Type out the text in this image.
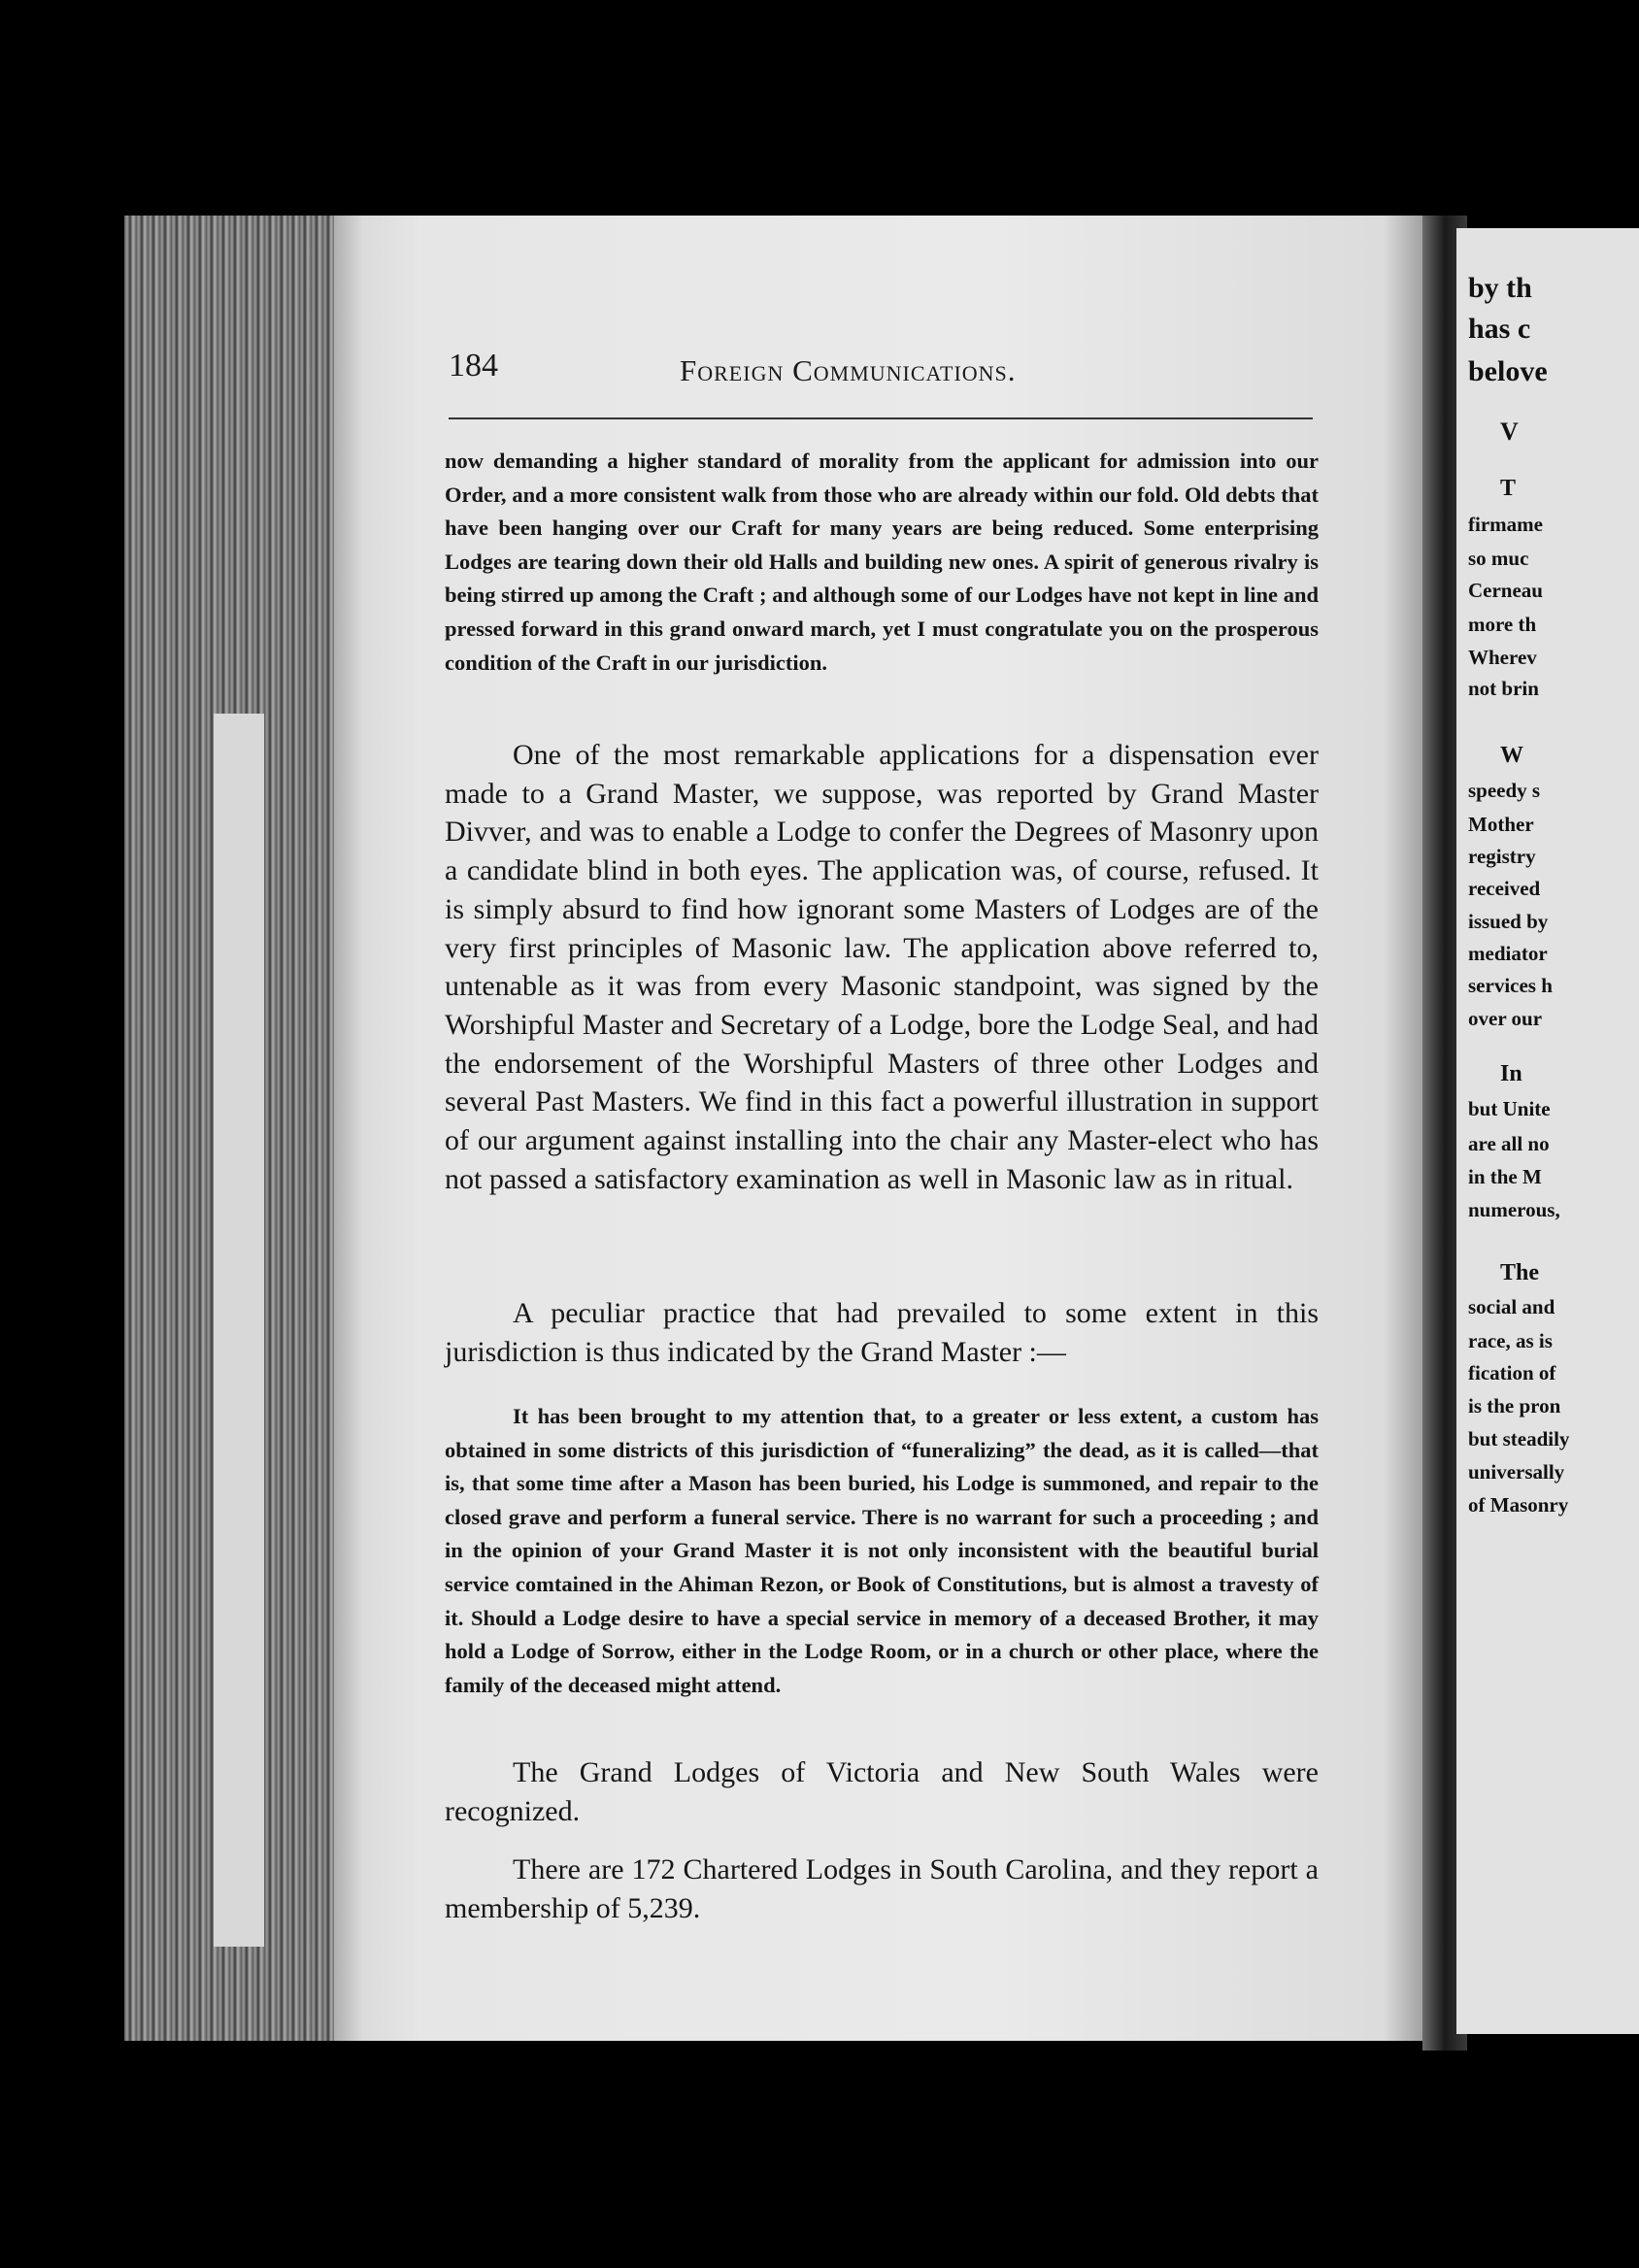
by th
has c
belove
V
T
firmame
so muc
Cerneau
more th
Wherev
not brin
W
speedy s
Mother
registry
received
issued by
mediator
services h
over our
In
but Unite
are all no
in the M
numerous,
The
social and
race, as is
fication of
is the pron
but steadily
universally
of Masonry
184	Foreign Communications.
now demanding a higher standard of morality from the applicant for admission into our Order, and a more consistent walk from those who are already within our fold. Old debts that have been hanging over our Craft for many years are being reduced. Some enterprising Lodges are tearing down their old Halls and building new ones. A spirit of generous rivalry is being stirred up among the Craft ; and although some of our Lodges have not kept in line and pressed forward in this grand onward march, yet I must congratulate you on the prosperous condition of the Craft in our jurisdiction.
One of the most remarkable applications for a dispensation ever made to a Grand Master, we suppose, was reported by Grand Master Divver, and was to enable a Lodge to confer the Degrees of Masonry upon a candidate blind in both eyes. The application was, of course, refused. It is simply absurd to find how ignorant some Masters of Lodges are of the very first principles of Masonic law. The application above referred to, untenable as it was from every Masonic standpoint, was signed by the Worshipful Master and Secretary of a Lodge, bore the Lodge Seal, and had the endorsement of the Worshipful Masters of three other Lodges and several Past Masters. We find in this fact a powerful illustration in support of our argument against installing into the chair any Master-elect who has not passed a satisfactory examination as well in Masonic law as in ritual.
A peculiar practice that had prevailed to some extent in this jurisdiction is thus indicated by the Grand Master :—
It has been brought to my attention that, to a greater or less extent, a custom has obtained in some districts of this jurisdiction of “funeralizing” the dead, as it is called—that is, that some time after a Mason has been buried, his Lodge is summoned, and repair to the closed grave and perform a funeral service. There is no warrant for such a proceeding ; and in the opinion of your Grand Master it is not only inconsistent with the beautiful burial service comtained in the Ahiman Rezon, or Book of Constitutions, but is almost a travesty of it. Should a Lodge desire to have a special service in memory of a deceased Brother, it may hold a Lodge of Sorrow, either in the Lodge Room, or in a church or other place, where the family of the deceased might attend.
The Grand Lodges of Victoria and New South Wales were recognized.
There are 172 Chartered Lodges in South Carolina, and they report a membership of 5,239.
